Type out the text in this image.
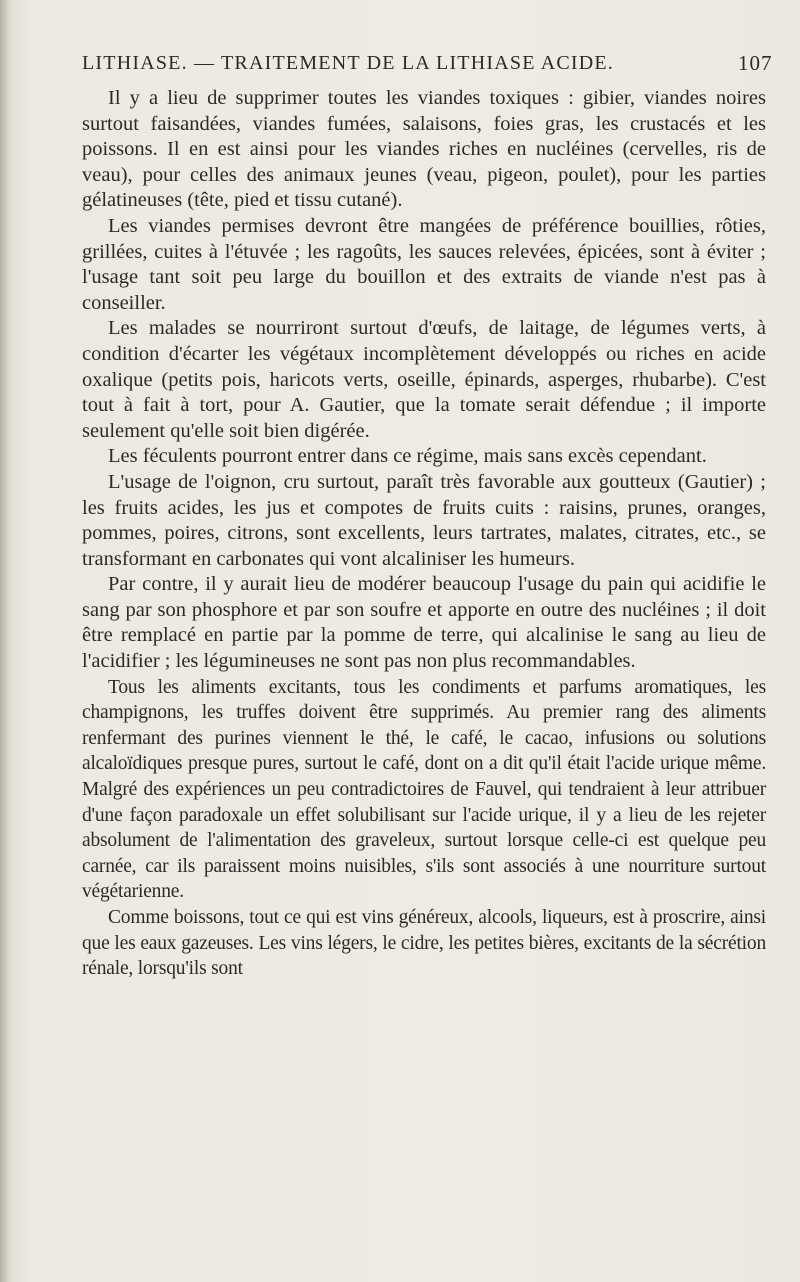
LITHIASE. — TRAITEMENT DE LA LITHIASE ACIDE.	107

Il y a lieu de supprimer toutes les viandes toxiques : gibier, viandes noires surtout faisandées, viandes fumées, salaisons, foies gras, les crustacés et les poissons. Il en est ainsi pour les viandes riches en nucléines (cervelles, ris de veau), pour celles des animaux jeunes (veau, pigeon, poulet), pour les parties gélatineuses (tête, pied et tissu cutané).

Les viandes permises devront être mangées de préférence bouillies, rôties, grillées, cuites à l'étuvée ; les ragoûts, les sauces relevées, épicées, sont à éviter ; l'usage tant soit peu large du bouillon et des extraits de viande n'est pas à conseiller.

Les malades se nourriront surtout d'œufs, de laitage, de légumes verts, à condition d'écarter les végétaux incomplètement développés ou riches en acide oxalique (petits pois, haricots verts, oseille, épinards, asperges, rhubarbe). C'est tout à fait à tort, pour A. Gautier, que la tomate serait défendue ; il importe seulement qu'elle soit bien digérée.

Les féculents pourront entrer dans ce régime, mais sans excès cependant.

L'usage de l'oignon, cru surtout, paraît très favorable aux goutteux (Gautier) ; les fruits acides, les jus et compotes de fruits cuits : raisins, prunes, oranges, pommes, poires, citrons, sont excellents, leurs tartrates, malates, citrates, etc., se transformant en carbonates qui vont alcaliniser les humeurs.

Par contre, il y aurait lieu de modérer beaucoup l'usage du pain qui acidifie le sang par son phosphore et par son soufre et apporte en outre des nucléines ; il doit être remplacé en partie par la pomme de terre, qui alcalinise le sang au lieu de l'acidifier ; les légumineuses ne sont pas non plus recommandables.

Tous les aliments excitants, tous les condiments et parfums aromatiques, les champignons, les truffes doivent être supprimés. Au premier rang des aliments renfermant des purines viennent le thé, le café, le cacao, infusions ou solutions alcaloïdiques presque pures, surtout le café, dont on a dit qu'il était l'acide urique même. Malgré des expériences un peu contradictoires de Fauvel, qui tendraient à leur attribuer d'une façon paradoxale un effet solubilisant sur l'acide urique, il y a lieu de les rejeter absolument de l'alimentation des graveleux, surtout lorsque celle-ci est quelque peu carnée, car ils paraissent moins nuisibles, s'ils sont associés à une nourriture surtout végétarienne.

Comme boissons, tout ce qui est vins généreux, alcools, liqueurs, est à proscrire, ainsi que les eaux gazeuses. Les vins légers, le cidre, les petites bières, excitants de la sécrétion rénale, lorsqu'ils sont
